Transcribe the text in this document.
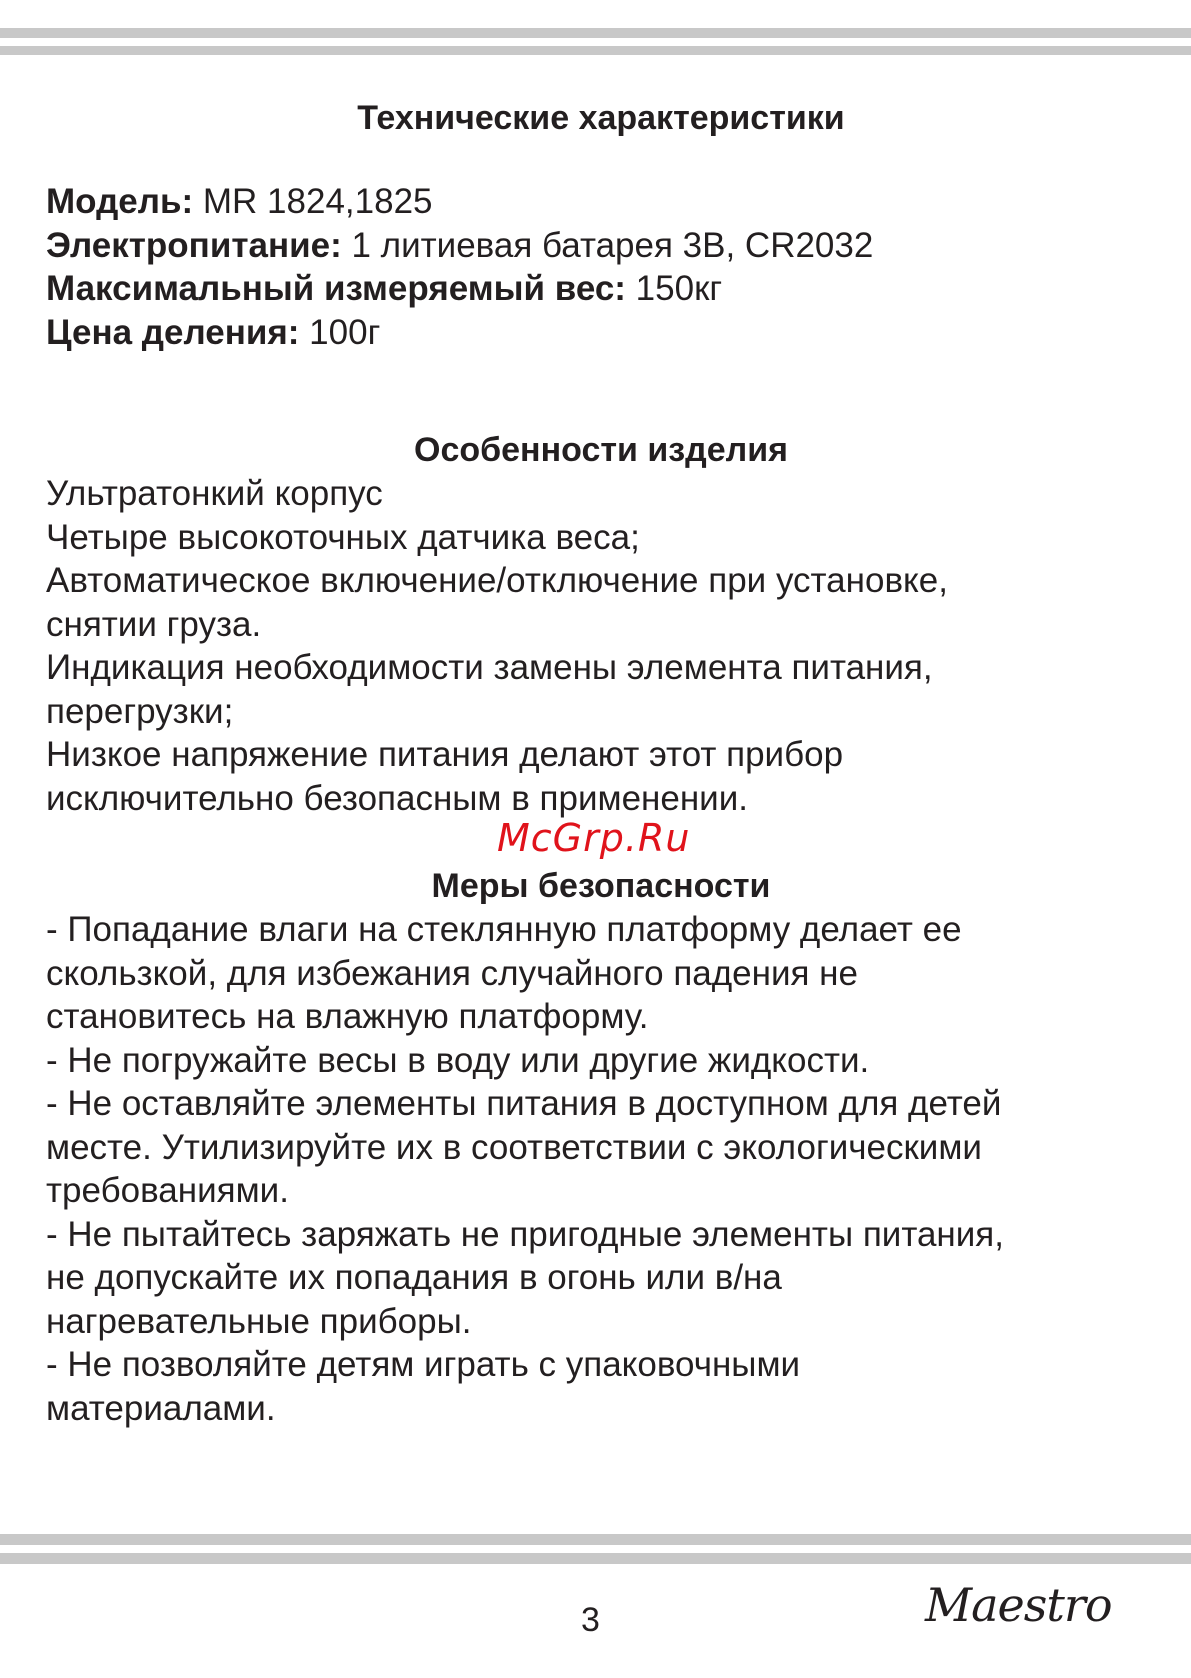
Технические характеристики
Модель: MR 1824,1825
Электропитание: 1 литиевая батарея 3В, CR2032
Максимальный измеряемый вес: 150кг
Цена деления: 100г
Особенности изделия
Ультратонкий корпус
Четыре высокоточных датчика веса;
Автоматическое включение/отключение при установке,
снятии груза.
Индикация необходимости замены элемента питания,
перегрузки;
Низкое напряжение питания делают этот прибор
исключительно безопасным в применении.
Меры безопасности
- Попадание влаги на стеклянную платформу делает ее
скользкой, для избежания случайного падения не
становитесь на влажную платформу.
- Не погружайте весы в воду или другие жидкости.
- Не оставляйте элементы питания в доступном для детей
месте. Утилизируйте их в соответствии с экологическими
требованиями.
- Не пытайтесь заряжать не пригодные элементы питания,
не допускайте их попадания в огонь или в/на
нагревательные приборы.
- Не позволяйте детям играть с упаковочными
материалами.
McGrp.Ru
3	Maestro
